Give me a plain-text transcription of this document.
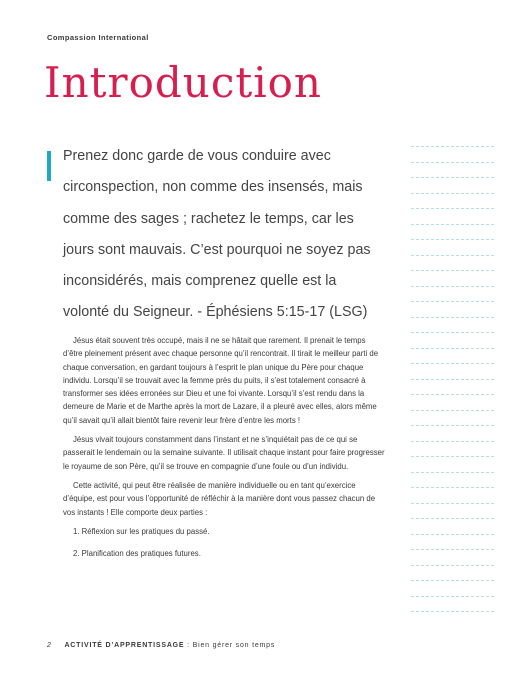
Compassion International
Introduction

Prenez donc garde de vous conduire avec circonspection, non comme des insensés, mais comme des sages ; rachetez le temps, car les jours sont mauvais. C’est pourquoi ne soyez pas inconsidérés, mais comprenez quelle est la volonté du Seigneur. - Éphésiens 5:15-17 (LSG)

Jésus était souvent très occupé, mais il ne se hâtait que rarement. Il prenait le temps d’être pleinement présent avec chaque personne qu’il rencontrait. Il tirait le meilleur parti de chaque conversation, en gardant toujours à l’esprit le plan unique du Père pour chaque individu. Lorsqu’il se trouvait avec la femme près du puits, il s’est totalement consacré à transformer ses idées erronées sur Dieu et une foi vivante. Lorsqu’il s’est rendu dans la demeure de Marie et de Marthe après la mort de Lazare, il a pleuré avec elles, alors même qu’il savait qu’il allait bientôt faire revenir leur frère d’entre les morts !

Jésus vivait toujours constamment dans l’instant et ne s’inquiétait pas de ce qui se passerait le lendemain ou la semaine suivante. Il utilisait chaque instant pour faire progresser le royaume de son Père, qu’il se trouve en compagnie d’une foule ou d’un individu.

Cette activité, qui peut être réalisée de manière individuelle ou en tant qu’exercice d’équipe, est pour vous l’opportunité de réfléchir à la manière dont vous passez chacun de vos instants ! Elle comporte deux parties :

1. Réflexion sur les pratiques du passé.
2. Planification des pratiques futures.
2 ACTIVITÉ D’APPRENTISSAGE : Bien gérer son temps
